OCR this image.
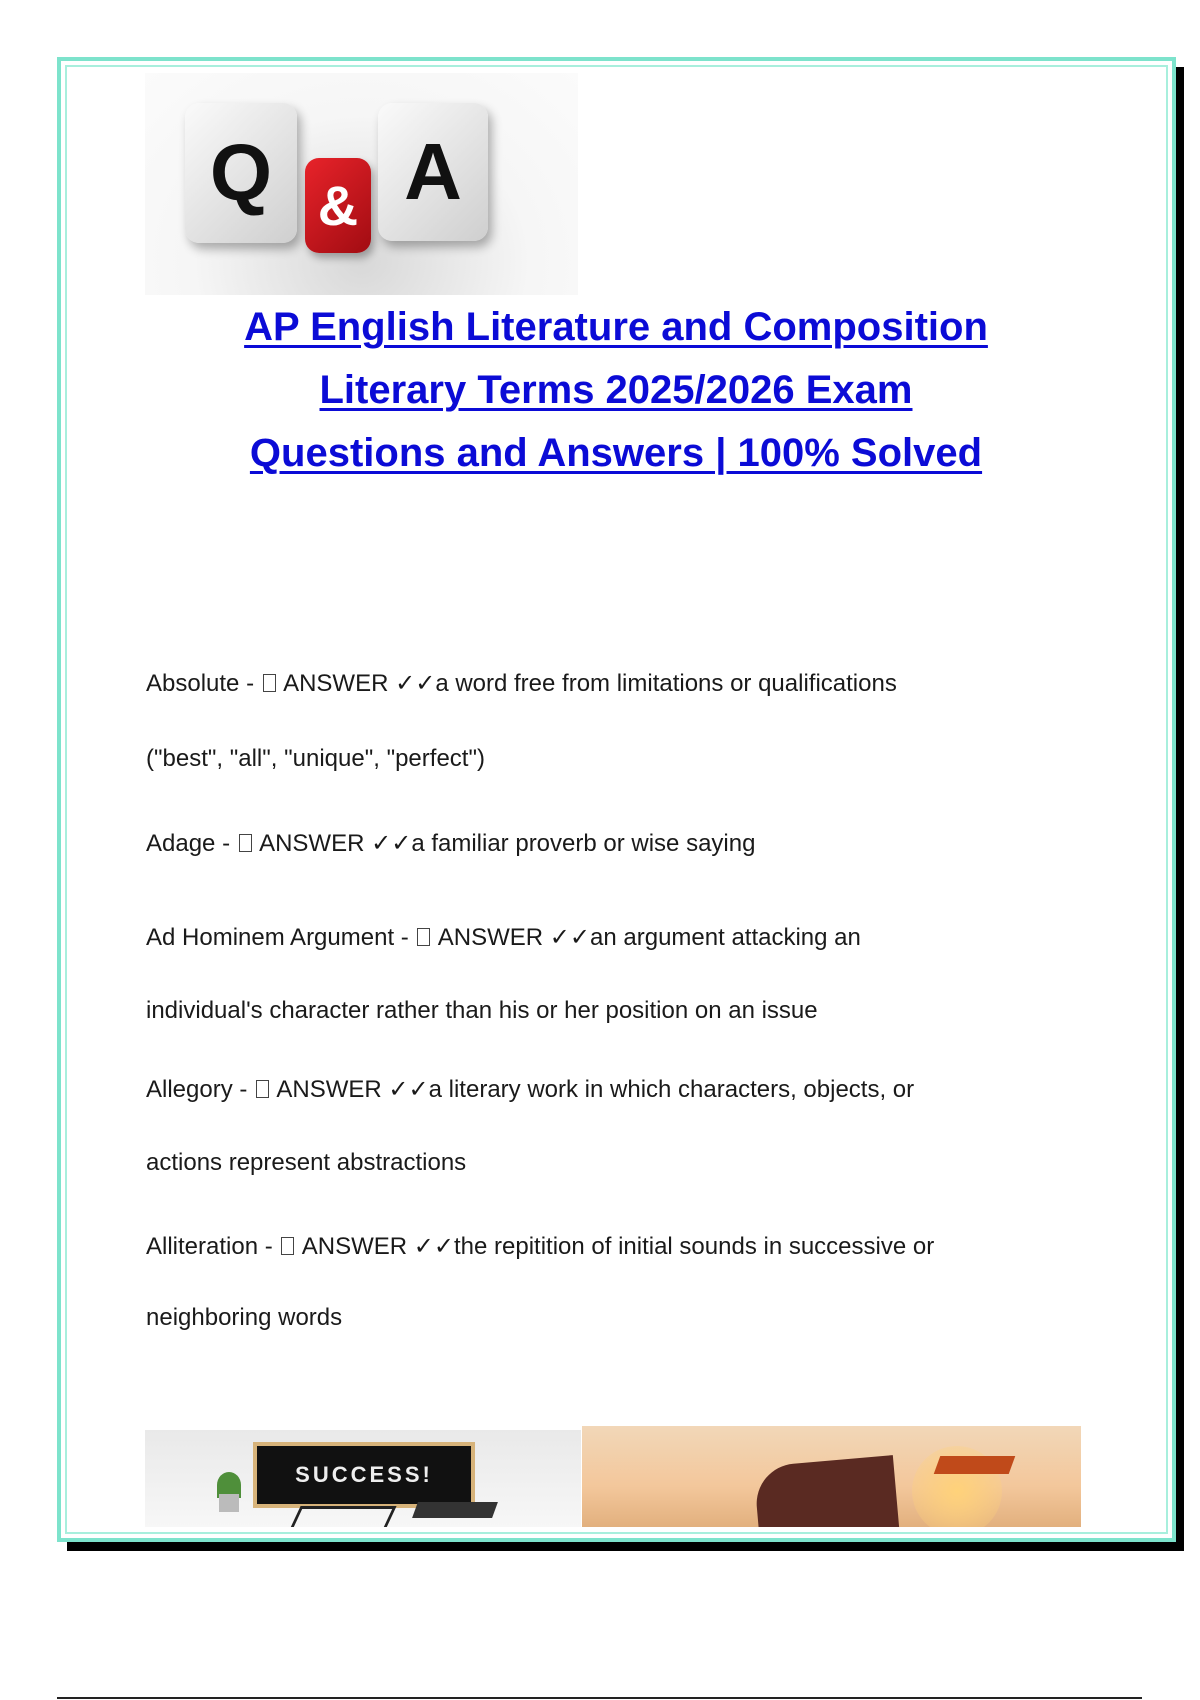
Q & A
AP English Literature and Composition
Literary Terms 2025/2026 Exam
Questions and Answers | 100% Solved
Absolute -  ANSWER ✓✓a word free from limitations or qualifications
("best", "all", "unique", "perfect")
Adage -  ANSWER ✓✓a familiar proverb or wise saying
Ad Hominem Argument -  ANSWER ✓✓an argument attacking an
individual's character rather than his or her position on an issue
Allegory -  ANSWER ✓✓a literary work in which characters, objects, or
actions represent abstractions
Alliteration -  ANSWER ✓✓the repitition of initial sounds in successive or
neighboring words
SUCCESS!
